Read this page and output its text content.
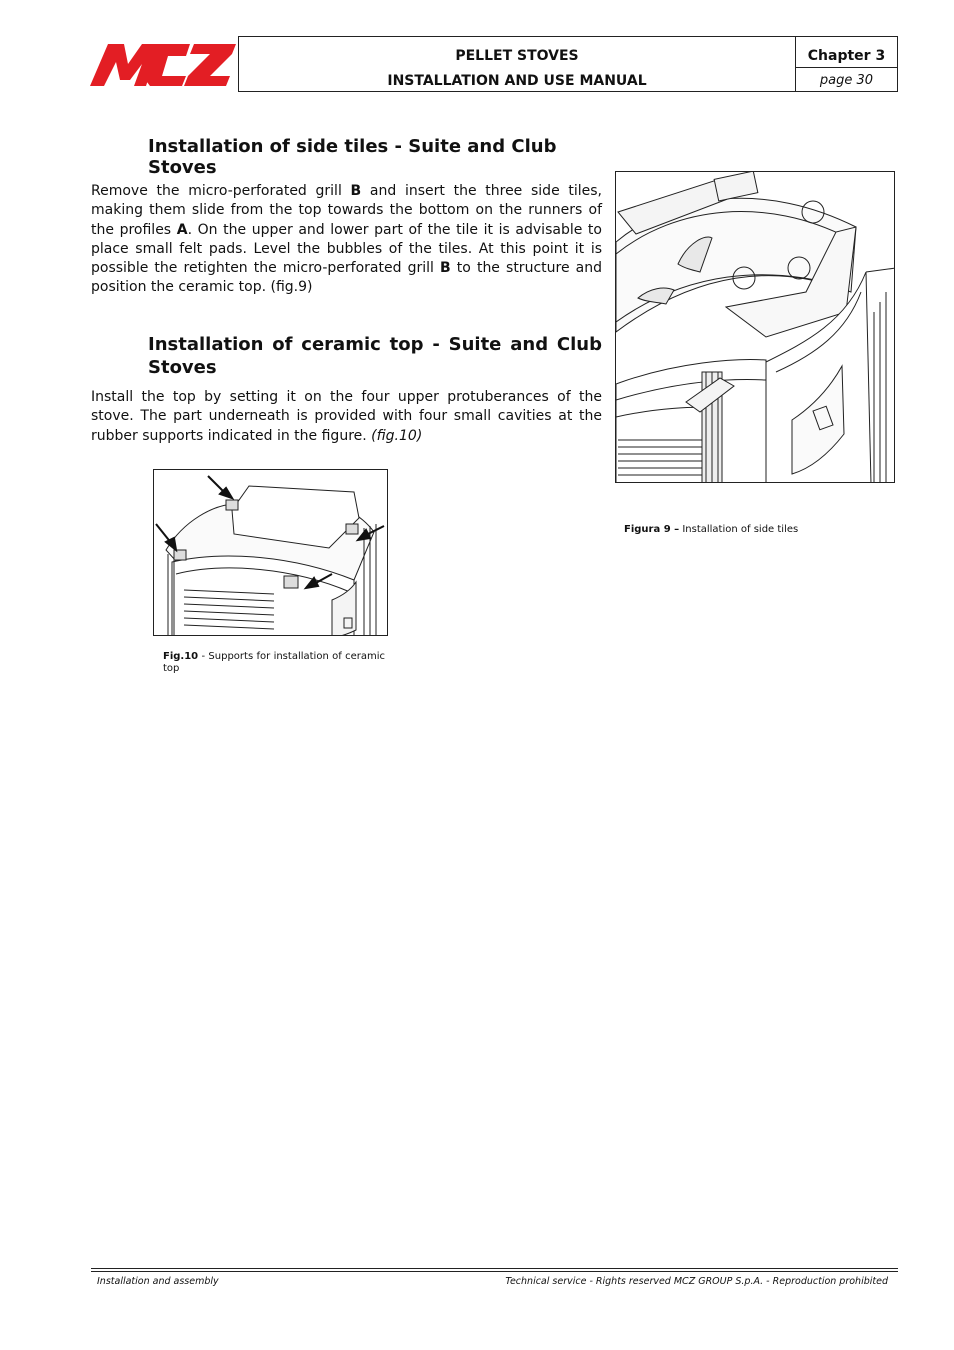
PELLET STOVES
INSTALLATION AND USE MANUAL
Chapter 3
page 30
Installation of side tiles - Suite and Club Stoves
Remove the micro-perforated grill B and insert the three side tiles,
making them slide from the top towards the bottom on the runners of
the profiles A. On the upper and lower part of the tile it is advisable to
place small felt pads. Level the bubbles of the tiles. At this point it is
possible the retighten the micro-perforated grill B to the structure and
position the ceramic top. (fig.9)
Installation of ceramic top - Suite and Club
Stoves
Install the top by setting it on the four upper protuberances of the
stove. The part underneath is provided with four small cavities at the
rubber supports indicated in the figure. (fig.10)
Figura 9 – Installation of side tiles
Fig.10 - Supports for installation of ceramic top
Installation and assembly	Technical service - Rights reserved MCZ GROUP S.p.A. - Reproduction prohibited
